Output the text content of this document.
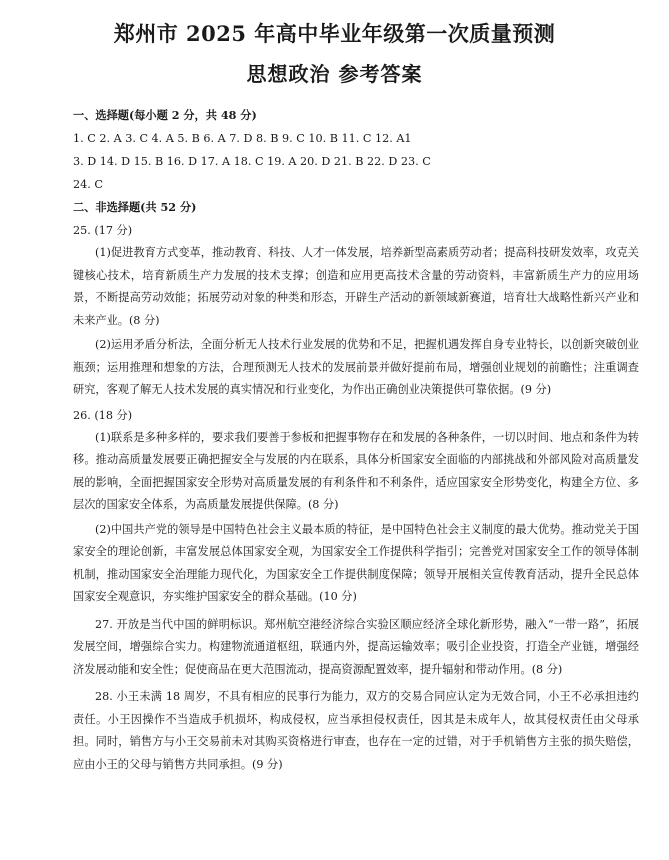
郑州市 2025 年高中毕业年级第一次质量预测
思想政治 参考答案
一、选择题(每小题 2 分，共 48 分)
1. C 2. A 3. C 4. A 5. B 6. A 7. D 8. B 9. C 10. B 11. C 12. A1
3. D 14. D 15. B 16. D 17. A 18. C 19. A 20. D 21. B 22. D 23. C
24. C
二、非选择题(共 52 分)
25. (17 分)

(1)促进教育方式变革，推动教育、科技、人才一体发展，培养新型高素质劳动者；提高科技研发效率，攻克关键核心技术，培育新质生产力发展的技术支撑；创造和应用更高技术含量的劳动资料，丰富新质生产力的应用场景，不断提高劳动效能；拓展劳动对象的种类和形态，开辟生产活动的新领域新赛道，培育壮大战略性新兴产业和未来产业。(8 分)

(2)运用矛盾分析法，全面分析无人技术行业发展的优势和不足，把握机遇发挥自身专业特长，以创新突破创业瓶颈；运用推理和想象的方法，合理预测无人技术的发展前景并做好提前布局，增强创业规划的前瞻性；注重调查研究，客观了解无人技术发展的真实情况和行业变化，为作出正确创业决策提供可靠依据。(9 分)

26. (18 分)

(1)联系是多种多样的，要求我们要善于参板和把握事物存在和发展的各种条件，一切以时间、地点和条件为转移。推动高质量发展要正确把握安全与发展的内在联系，具体分析国家安全面临的内部挑战和外部风险对高质量发展的影响，全面把握国家安全形势对高质量发展的有利条件和不利条件，适应国家安全形势变化，构建全方位、多层次的国家安全体系，为高质量发展提供保障。(8 分)

(2)中国共产党的领导是中国特色社会主义最本质的特征，是中国特色社会主义制度的最大优势。推动党关于国家安全的理论创新，丰富发展总体国家安全观，为国家安全工作提供科学指引；完善党对国家安全工作的领导体制机制，推动国家安全治理能力现代化，为国家安全工作提供制度保障；领导开展相关宣传教育活动，提升全民总体国家安全观意识，夯实维护国家安全的群众基础。(10 分)

27. 开放是当代中国的鲜明标识。郑州航空港经济综合实验区顺应经济全球化新形势，融入“一带一路”，拓展发展空间，增强综合实力。构建物流通道枢纽，联通内外，提高运输效率；吸引企业投资，打造全产业链，增强经济发展动能和安全性；促使商品在更大范围流动，提高资源配置效率，提升辐射和带动作用。(8 分)

28. 小王未满 18 周岁，不具有相应的民事行为能力，双方的交易合同应认定为无效合同，小王不必承担违约责任。小王因操作不当造成手机损坏，构成侵权，应当承担侵权责任，因其是未成年人，故其侵权责任由父母承担。同时，销售方与小王交易前未对其购买资格进行审查，也存在一定的过错，对于手机销售方主张的损失赔偿，应由小王的父母与销售方共同承担。(9 分)
